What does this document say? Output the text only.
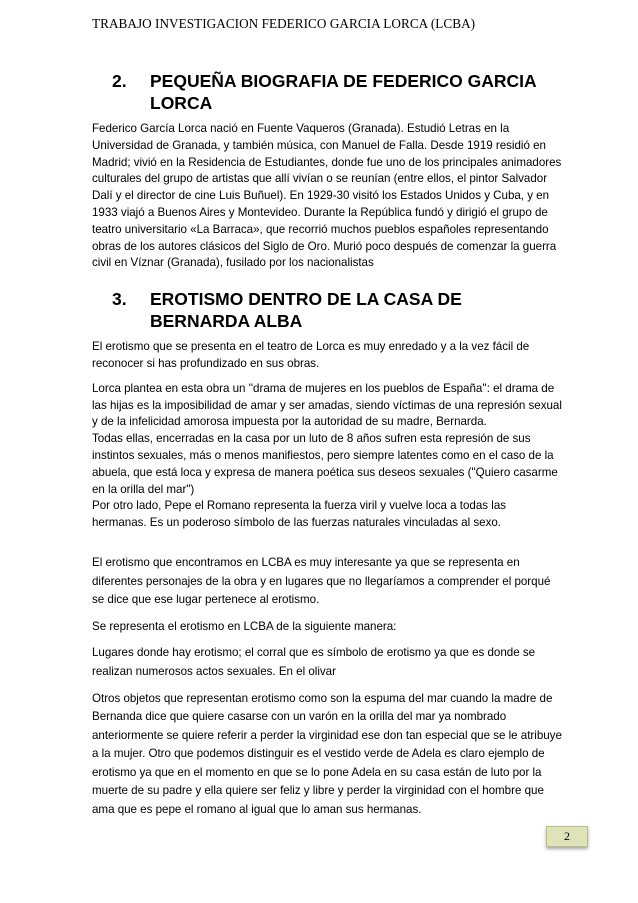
TRABAJO INVESTIGACION FEDERICO GARCIA LORCA (LCBA)
2.	PEQUEÑA BIOGRAFIA DE FEDERICO GARCIA LORCA

Federico García Lorca nació en Fuente Vaqueros (Granada). Estudió Letras en la Universidad de Granada, y también música, con Manuel de Falla. Desde 1919 residió en Madrid; vivió en la Residencia de Estudiantes, donde fue uno de los principales animadores culturales del grupo de artistas que allí vivían o se reunían (entre ellos, el pintor Salvador Dalí y el director de cine Luis Buñuel). En 1929-30 visitó los Estados Unidos y Cuba, y en 1933 viajó a Buenos Aires y Montevideo. Durante la República fundó y dirigió el grupo de teatro universitario «La Barraca», que recorrió muchos pueblos españoles representando obras de los autores clásicos del Siglo de Oro. Murió poco después de comenzar la guerra civil en Víznar (Granada), fusilado por los nacionalistas

3.	EROTISMO DENTRO DE LA CASA DE BERNARDA ALBA

El erotismo que se presenta en el teatro de Lorca es muy enredado y a la vez fácil de reconocer si has profundizado en sus obras.

Lorca plantea en esta obra un ''drama de mujeres en los pueblos de España'': el drama de las hijas es la imposibilidad de amar y ser amadas, siendo víctimas de una represión sexual y de la infelicidad amorosa impuesta por la autoridad de su madre, Bernarda.

Todas ellas, encerradas en la casa por un luto de 8 años sufren esta represión de sus instintos sexuales, más o menos manifiestos, pero siempre latentes como en el caso de la abuela, que está loca y expresa de manera poética sus deseos sexuales ("Quiero casarme en la orilla del mar")

Por otro lado, Pepe el Romano representa la fuerza viril y vuelve loca a todas las hermanas. Es un poderoso símbolo de las fuerzas naturales vinculadas al sexo.

El erotismo que encontramos en LCBA es muy interesante ya que se representa en diferentes personajes de la obra y en lugares que no llegaríamos a comprender el porqué se dice que ese lugar pertenece al erotismo.

Se representa el erotismo en LCBA de la siguiente manera:

Lugares donde hay erotismo; el corral que es símbolo de erotismo ya que es donde se realizan numerosos actos sexuales. En el olivar

Otros objetos que representan erotismo como son la espuma del mar cuando la madre de Bernanda dice que quiere casarse con un varón en la orilla del mar ya nombrado anteriormente se quiere referir a perder la virginidad ese don tan especial que se le atribuye a la mujer. Otro que podemos distinguir es el vestido verde de Adela es claro ejemplo de erotismo ya que en el momento en que se lo pone Adela en su casa están de luto por la muerte de su padre y ella quiere ser feliz y libre y perder la virginidad con el hombre que ama que es pepe el romano al igual que lo aman sus hermanas.

2
